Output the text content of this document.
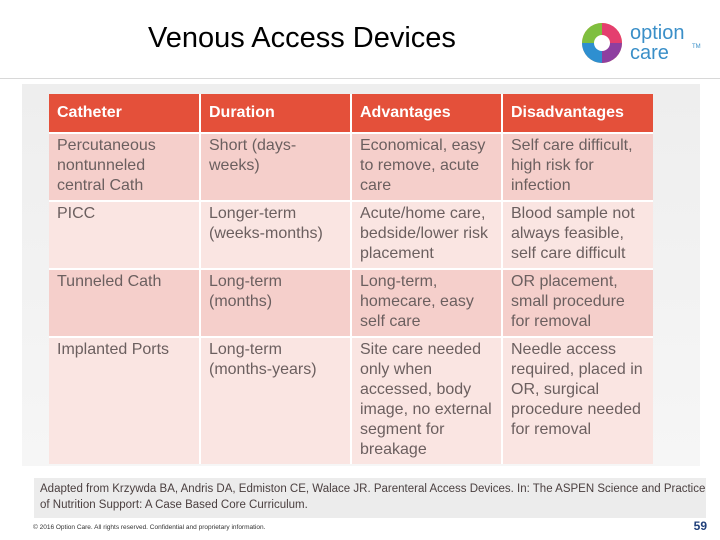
Venous Access Devices	option
care	TM
Catheter	Duration	Advantages	Disadvantages
Percutaneous nontunneled central Cath	Short (days-weeks)	Economical, easy to remove, acute care	Self care difficult, high risk for infection
PICC	Longer-term (weeks-months)	Acute/home care, bedside/lower risk placement	Blood sample not always feasible, self care difficult
Tunneled Cath	Long-term (months)	Long-term, homecare, easy self care	OR placement, small procedure for removal
Implanted Ports	Long-term (months-years)	Site care needed only when accessed, body image, no external segment for breakage	Needle access required, placed in OR, surgical procedure needed for removal

Adapted from Krzywda BA, Andris DA, Edmiston CE, Walace JR. Parenteral Access Devices. In: The ASPEN Science and Practice of Nutrition Support: A Case Based Core Curriculum.

© 2016 Option Care. All rights reserved. Confidential and proprietary information.	59
